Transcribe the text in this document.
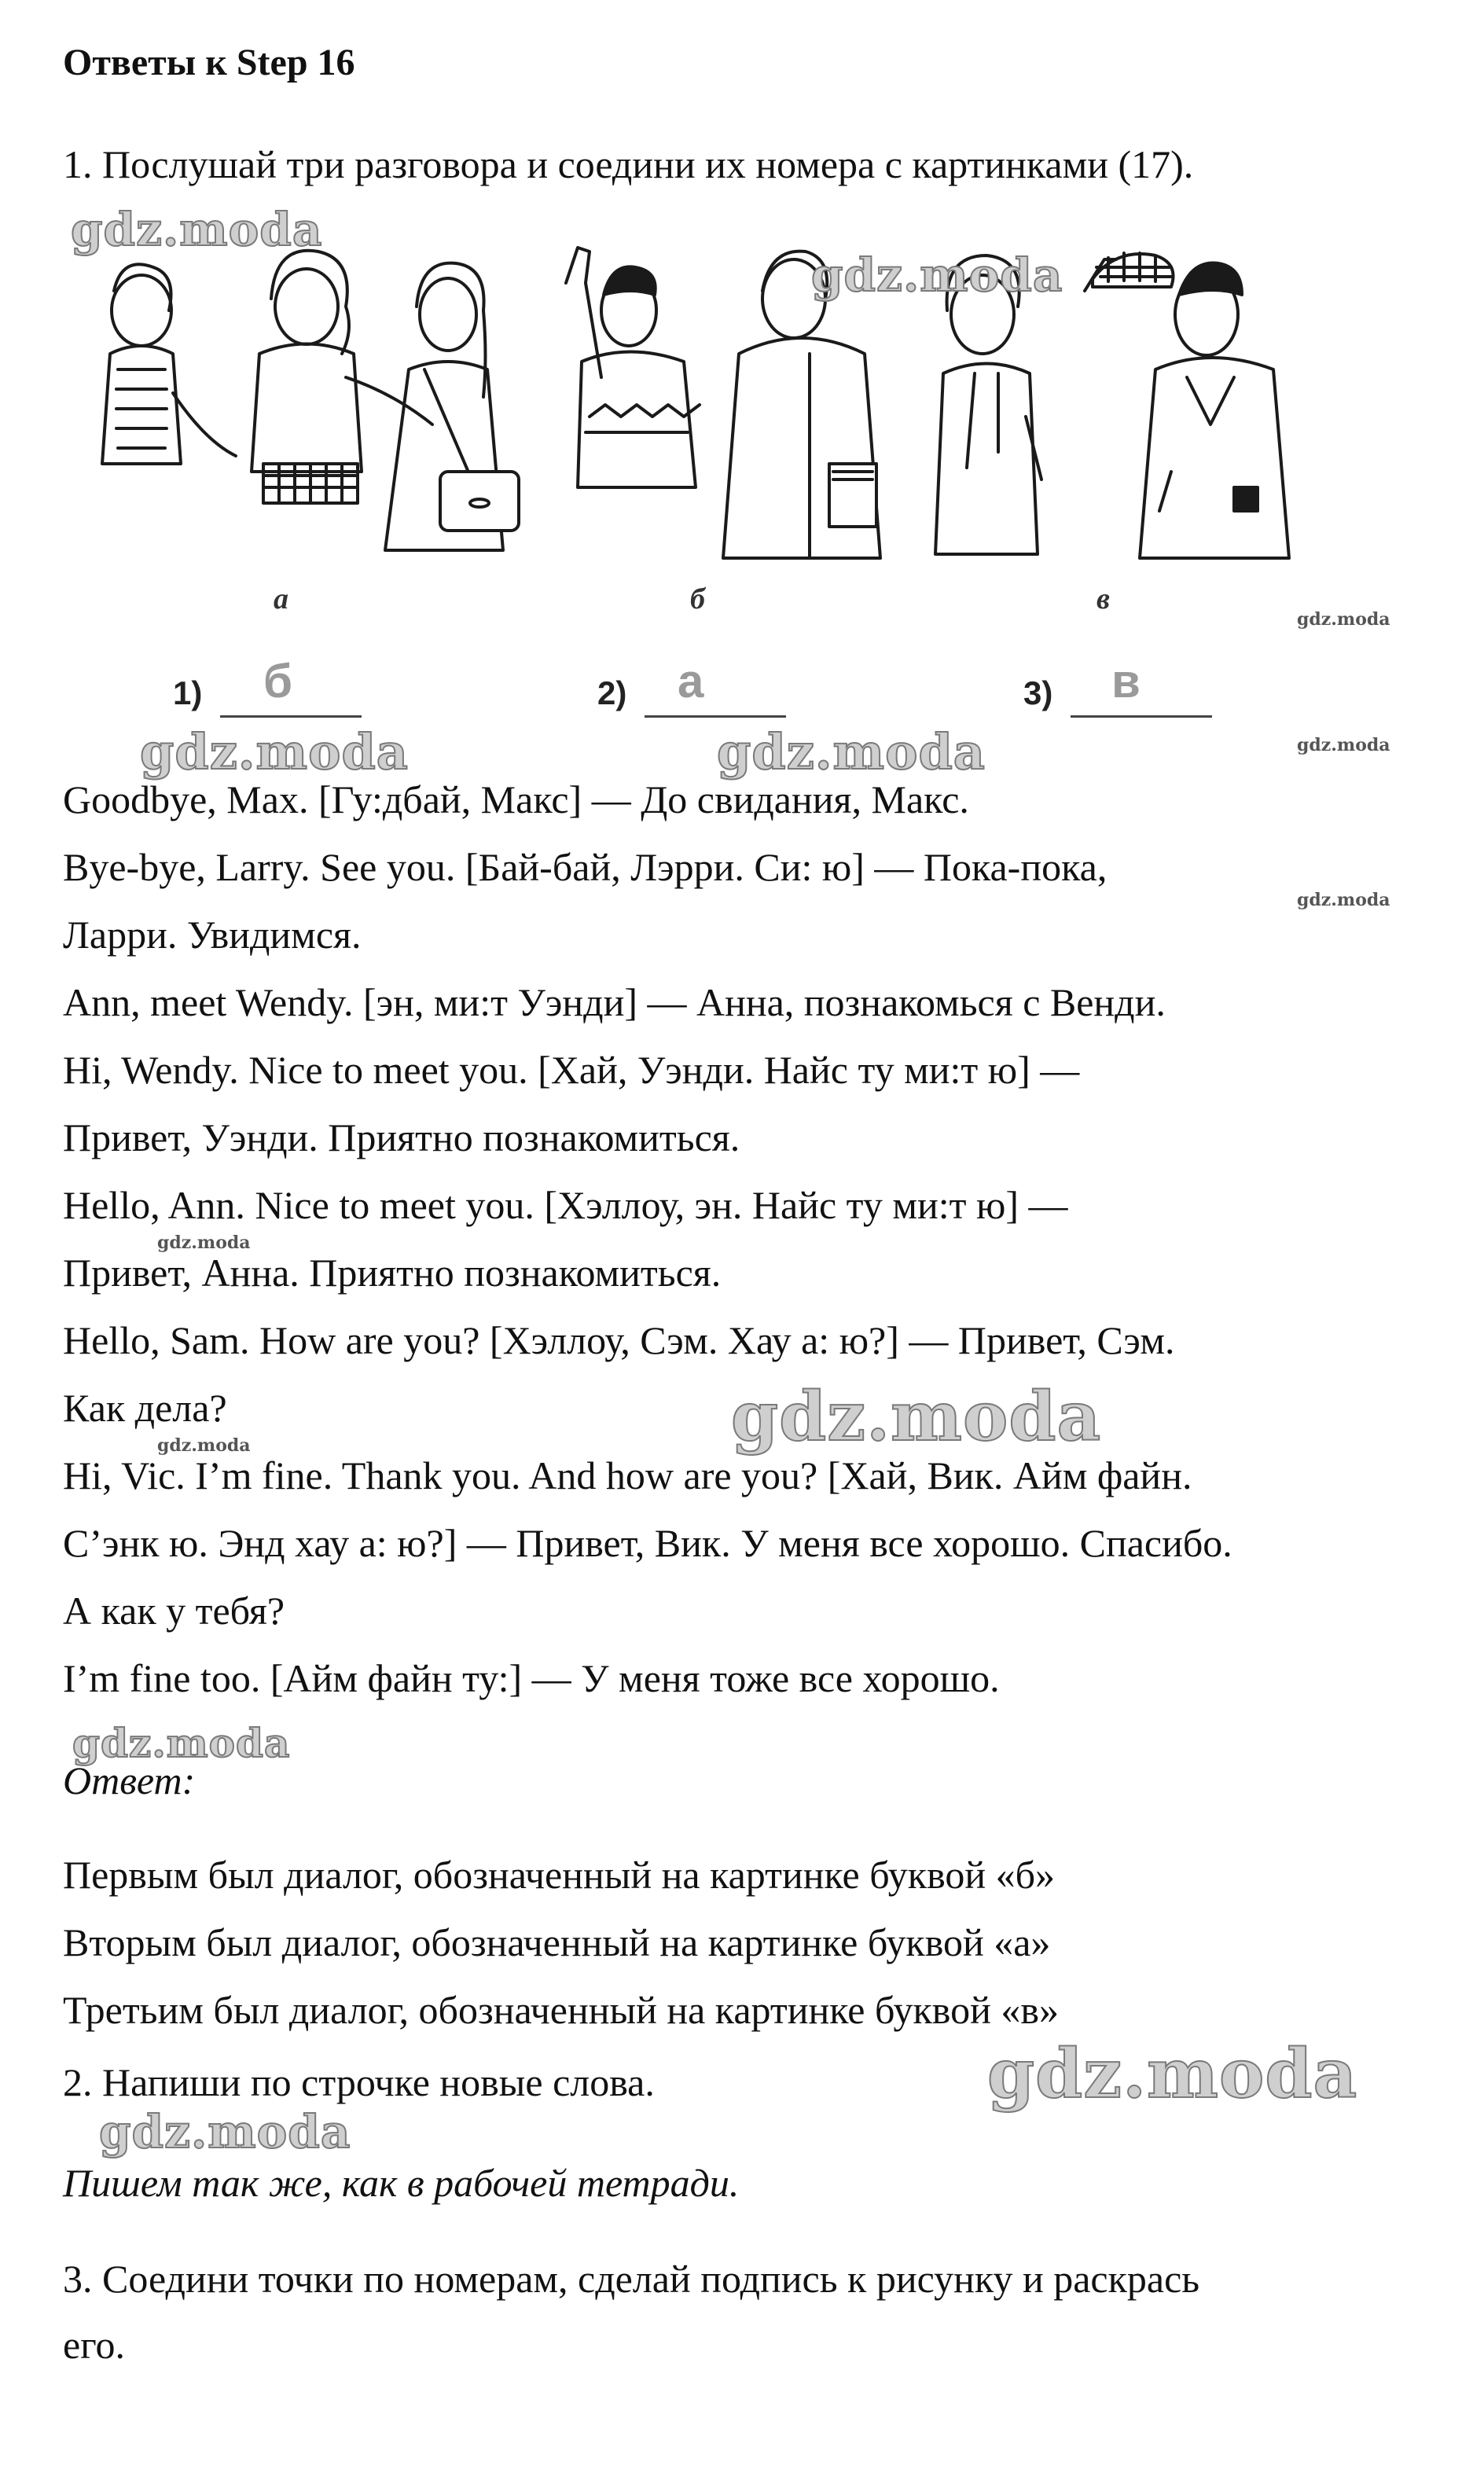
Ответы к Step 16
1. Послушай три разговора и соедини их номера с картинками (17).
а	б	в
1) б	2) а	3) в
Goodbye, Max. [Гу:дбай, Макс] — До свидания, Макс.
Bye-bye, Larry. See you. [Бай-бай, Лэрри. Си: ю] — Пока-пока,
Ларри. Увидимся.
Ann, meet Wendy. [эн, ми:т Уэнди] — Анна, познакомься с Венди.
Hi, Wendy. Nice to meet you. [Хай, Уэнди. Найс ту ми:т ю] —
Привет, Уэнди. Приятно познакомиться.
Hello, Ann. Nice to meet you. [Хэллоу, эн. Найс ту ми:т ю] —
Привет, Анна. Приятно познакомиться.
Hello, Sam. How are you? [Хэллоу, Сэм. Хау а: ю?] — Привет, Сэм.
Как дела?
Hi, Vic. I’m fine. Thank you. And how are you? [Хай, Вик. Айм файн.
С’энк ю. Энд хау а: ю?] — Привет, Вик. У меня все хорошо. Спасибо.
А как у тебя?
I’m fine too. [Айм файн ту:] — У меня тоже все хорошо.
Ответ:
Первым был диалог, обозначенный на картинке буквой «б»
Вторым был диалог, обозначенный на картинке буквой «а»
Третьим был диалог, обозначенный на картинке буквой «в»
2. Напиши по строчке новые слова.
Пишем так же, как в рабочей тетради.
3. Соедини точки по номерам, сделай подпись к рисунку и раскрась
его.
gdz.moda
gdz.moda
gdz.moda	gdz.moda
gdz.moda
gdz.moda
gdz.moda
gdz.moda
gdz.moda
gdz.moda
gdz.moda
gdz.moda
gdz.moda
